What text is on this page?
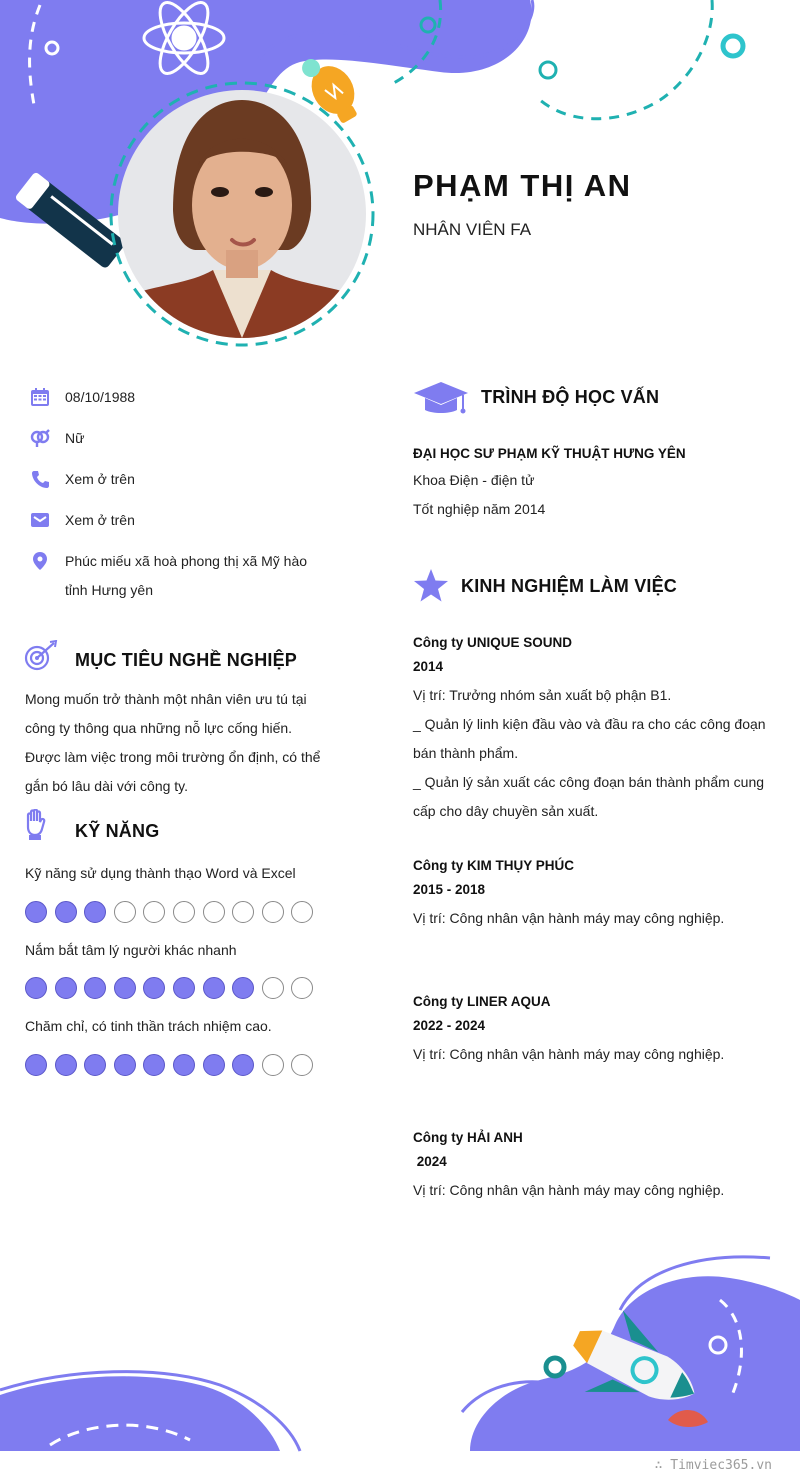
PHẠM THỊ AN
NHÂN VIÊN FA
08/10/1988
Nữ
Xem ở trên
Xem ở trên
Phúc miếu xã hoà phong thị xã Mỹ hào tỉnh Hưng yên
MỤC TIÊU NGHỀ NGHIỆP
Mong muốn trở thành một nhân viên ưu tú tại công ty thông qua những nỗ lực cống hiến. Được làm việc trong môi trường ổn định, có thể gắn bó lâu dài với công ty.
KỸ NĂNG
Kỹ năng sử dụng thành thạo Word và Excel
Nắm bắt tâm lý người khác nhanh
Chăm chỉ, có tinh thần trách nhiệm cao.
TRÌNH ĐỘ HỌC VẤN
ĐẠI HỌC SƯ PHẠM KỸ THUẬT HƯNG YÊN
Khoa Điện - điện tử
Tốt nghiệp năm 2014
KINH NGHIỆM LÀM VIỆC
Công ty UNIQUE SOUND
2014
Vị trí: Trưởng nhóm sản xuất bộ phận B1.
_ Quản lý linh kiện đầu vào và đầu ra cho các công đoạn bán thành phẩm.
_ Quản lý sản xuất các công đoạn bán thành phẩm cung cấp cho dây chuyền sản xuất.
Công ty KIM THỤY PHÚC
2015 - 2018
Vị trí: Công nhân vận hành máy may công nghiệp.
Công ty LINER AQUA
2022 - 2024
Vị trí: Công nhân vận hành máy may công nghiệp.
Công ty HẢI ANH
2024
Vị trí: Công nhân vận hành máy may công nghiệp.
∴ Timviec365.vn
